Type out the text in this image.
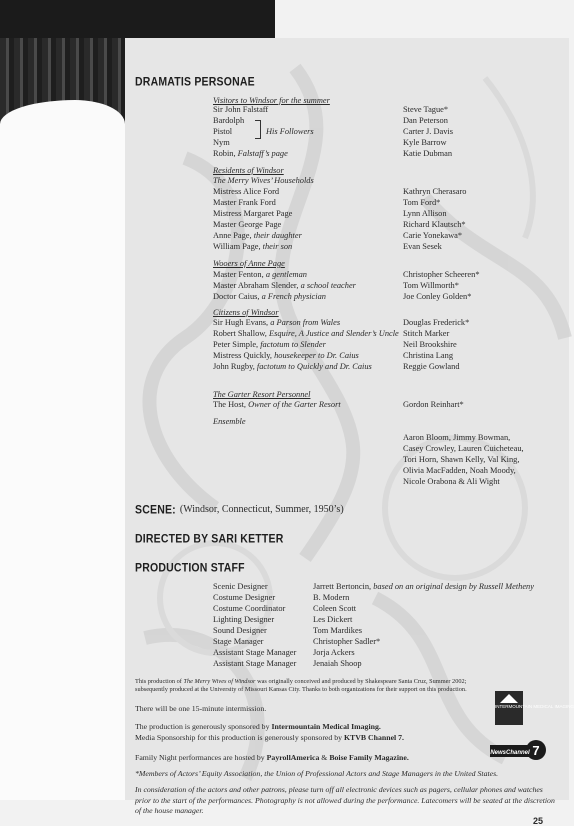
DRAMATIS PERSONAE
Visitors to Windsor for the summer
Sir John Falstaff
Bardolph
Pistol
Nym
His Followers
Robin, Falstaff’s page
Steve Tague*
Dan Peterson
Carter J. Davis
Kyle Barrow
Katie Dubman
Residents of Windsor
The Merry Wives’ Households
Mistress Alice Ford
Master Frank Ford
Mistress Margaret Page
Master George Page
Anne Page, their daughter
William Page, their son
Kathryn Cherasaro
Tom Ford*
Lynn Allison
Richard Klautsch*
Carie Yonekawa*
Evan Sesek
Wooers of Anne Page
Master Fenton, a gentleman
Master Abraham Slender, a school teacher
Doctor Caius, a French physician
Christopher Scheeren*
Tom Willmorth*
Joe Conley Golden*
Citizens of Windsor
Sir Hugh Evans, a Parson from Wales
Robert Shallow, Esquire, A Justice and Slender’s Uncle
Peter Simple, factotum to Slender
Mistress Quickly, housekeeper to Dr. Caius
John Rugby, factotum to Quickly and Dr. Caius
Douglas Frederick*
Stitch Marker
Neil Brookshire
Christina Lang
Reggie Gowland
The Garter Resort Personnel
The Host, Owner of the Garter Resort	Gordon Reinhart*
Ensemble
Aaron Bloom, Jimmy Bowman,
Casey Crowley, Lauren Cuicheteau,
Tori Horn, Shawn Kelly, Val King,
Olivia MacFadden, Noah Moody,
Nicole Orabona & Ali Wight
SCENE: (Windsor, Connecticut, Summer, 1950’s)
DIRECTED BY SARI KETTER
PRODUCTION STAFF
Scenic Designer
Costume Designer
Costume Coordinator
Lighting Designer
Sound Designer
Stage Manager
Assistant Stage Manager
Assistant Stage Manager
Jarrett Bertoncin, based on an original design by Russell Metheny
B. Modern
Coleen Scott
Les Dickert
Tom Mardikes
Christopher Sadler*
Jorja Ackers
Jenaiah Shoop
This production of The Merry Wives of Windsor was originally conceived and produced by Shakespeare Santa Cruz, Summer 2002; subsequently produced at the University of Missouri Kansas City. Thanks to both organizations for their support on this production.
There will be one 15-minute intermission.
The production is generously sponsored by Intermountain Medical Imaging.
Media Sponsorship for this production is generously sponsored by KTVB Channel 7.
Family Night performances are hosted by PayrollAmerica & Boise Family Magazine.
*Members of Actors’ Equity Association, the Union of Professional Actors and Stage Managers in the United States.
In consideration of the actors and other patrons, please turn off all electronic devices such as pagers, cellular phones and watches prior to the start of the performances. Photography is not allowed during the performance. Latecomers will be seated at the discretion of the house manager.
INTERMOUNTAIN MEDICAL IMAGING
7
NewsChannel
25
